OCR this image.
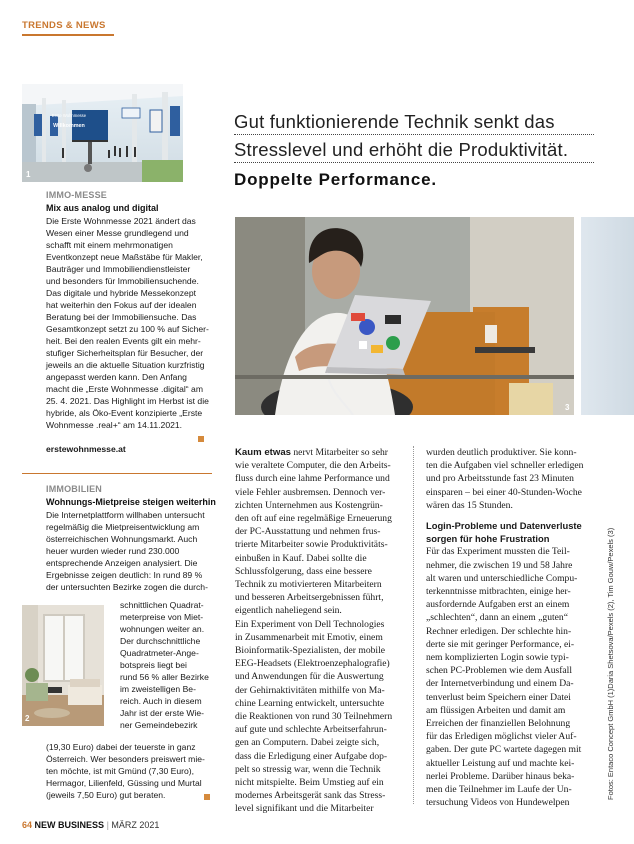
TRENDS & NEWS
Erste Wohnmesse
Willkommen
1
IMMO-MESSE
Mix aus analog und digital
Die Erste Wohnmesse 2021 ändert das
Wesen einer Messe grundlegend und
schafft mit einem mehrmonatigen
Eventkonzept neue Maßstäbe für Makler,
Bauträger und Immobiliendienstleister
und besonders für Immobiliensuchende.
Das digitale und hybride Messekonzept
hat weiterhin den Fokus auf der idealen
Beratung bei der Immobiliensuche. Das
Gesamtkonzept setzt zu 100 % auf Sicher-
heit. Bei den realen Events gilt ein mehr-
stufiger Sicherheitsplan für Besucher, der
jeweils an die aktuelle Situation kurzfristig
angepasst werden kann. Den Anfang
macht die „Erste Wohnmesse .digital“ am
25. 4. 2021. Das Highlight im Herbst ist die
hybride, als Öko-Event konzipierte „Erste
Wohnmesse .real+“ am 14.11.2021.
erstewohnmesse.at
IMMOBILIEN
Wohnungs-Mietpreise steigen weiterhin
Die Internetplattform willhaben untersucht
regelmäßig die Mietpreisentwicklung am
österreichischen Wohnungsmarkt. Auch
heuer wurden wieder rund 230.000
entsprechende Anzeigen analysiert. Die
Ergebnisse zeigen deutlich: In rund 89 %
der untersuchten Bezirke zogen die durch-
schnittlichen Quadrat-
meterpreise von Miet-
wohnungen weiter an.
Der durchschnittliche
Quadratmeter-Ange-
botspreis liegt bei
rund 56 % aller Bezirke
im zweistelligen Be-
reich. Auch in diesem
Jahr ist der erste Wie-
ner Gemeindebezirk
2
(19,30 Euro) dabei der teuerste in ganz
Österreich. Wer besonders preiswert mie-
ten möchte, ist mit Gmünd (7,30 Euro),
Hermagor, Lilienfeld, Güssing und Murtal
(jeweils 7,50 Euro) gut beraten.
Gut funktionierende Technik senkt das
Stresslevel und erhöht die Produktivität.
Doppelte Performance.
3
Kaum etwas nervt Mitarbeiter so sehr
wie veraltete Computer, die den Arbeits-
fluss durch eine lahme Performance und
viele Fehler ausbremsen. Dennoch ver-
zichten Unternehmen aus Kostengrün-
den oft auf eine regelmäßige Erneuerung
der PC-Ausstattung und nehmen frus-
trierte Mitarbeiter sowie Produktivitäts-
einbußen in Kauf. Dabei sollte die
Schlussfolgerung, dass eine bessere
Technik zu motivierteren Mitarbeitern
und besseren Arbeitsergebnissen führt,
eigentlich naheliegend sein.
Ein Experiment von Dell Technologies
in Zusammenarbeit mit Emotiv, einem
Bioinformatik-Spezialisten, der mobile
EEG-Headsets (Elektroenzephalografie)
und Anwendungen für die Auswertung
der Gehirnaktivitäten mithilfe von Ma-
chine Learning entwickelt, untersuchte
die Reaktionen von rund 30 Teilnehmern
auf gute und schlechte Arbeitserfahrun-
gen an Computern. Dabei zeigte sich,
dass die Erledigung einer Aufgabe dop-
pelt so stressig war, wenn die Technik
nicht mitspielte. Beim Umstieg auf ein
modernes Arbeitsgerät sank das Stress-
level signifikant und die Mitarbeiter
wurden deutlich produktiver. Sie konn-
ten die Aufgaben viel schneller erledigen
und pro Arbeitsstunde fast 23 Minuten
einsparen – bei einer 40-Stunden-Woche
wären das 15 Stunden.
Login-Probleme und Datenverluste
sorgen für hohe Frustration
Für das Experiment mussten die Teil-
nehmer, die zwischen 19 und 58 Jahre
alt waren und unterschiedliche Compu-
terkenntnisse mitbrachten, einige her-
ausfordernde Aufgaben erst an einem
„schlechten“, dann an einem „guten“
Rechner erledigen. Der schlechte hin-
derte sie mit geringer Performance, ei-
nem komplizierten Login sowie typi-
schen PC-Problemen wie dem Ausfall
der Internetverbindung und einem Da-
tenverlust beim Speichern einer Datei
am flüssigen Arbeiten und damit am
Erreichen der finanziellen Belohnung
für das Erledigen möglichst vieler Auf-
gaben. Der gute PC wartete dagegen mit
aktueller Leistung auf und machte kei-
nerlei Probleme. Darüber hinaus beka-
men die Teilnehmer im Laufe der Un-
tersuchung Videos von Hundewelpen
Fotos: Entaco Concept GmbH (1)Daria Shetsova/Pexels (2), Tim Gouw/Pexels (3)
64 NEW BUSINESS | MÄRZ 2021
